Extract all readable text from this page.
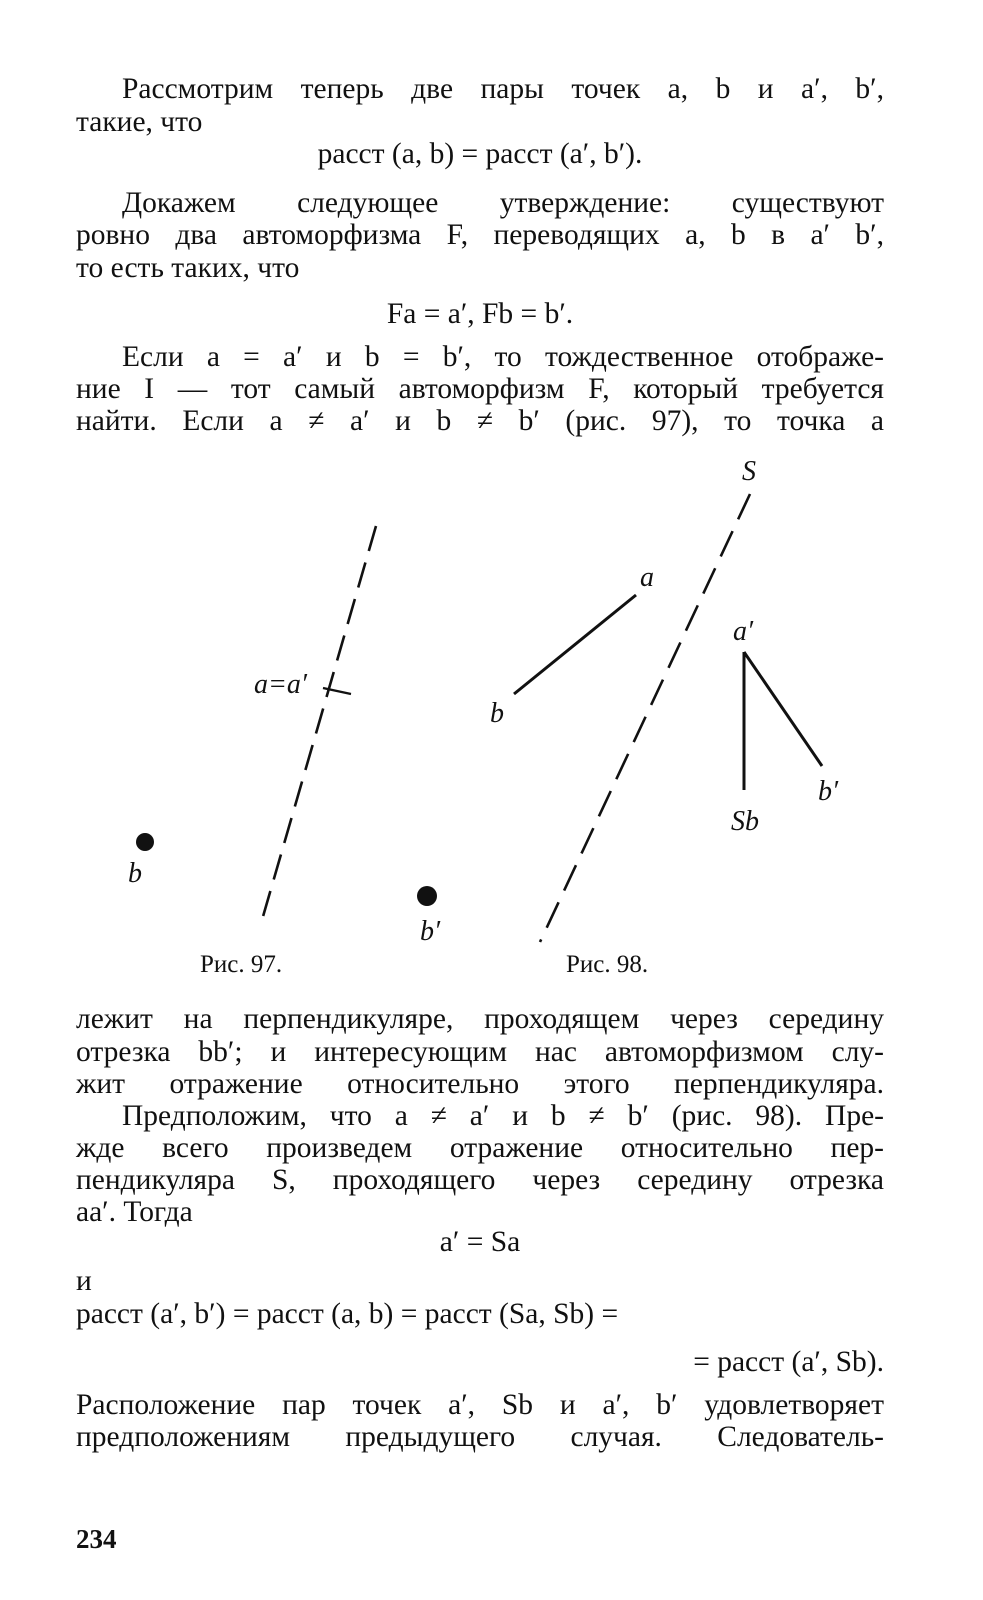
Рассмотрим теперь две пары точек a, b и a′, b′,
такие, что
расст (a, b) = расст (a′, b′).
Докажем следующее утверждение: существуют
ровно два автоморфизма F, переводящих a, b в a′ b′,
то есть таких, что
Fa = a′, Fb = b′.
Если a = a′ и b = b′, то тождественное отображе-
ние I — тот самый автоморфизм F, который требуется
найти. Если a ≠ a′ и b ≠ b′ (рис. 97), то точка a
a=a′
b
b′
S
a
b
a′
b′
Sb
Рис. 97.	Рис. 98.
лежит на перпендикуляре, проходящем через середину
отрезка bb′; и интересующим нас автоморфизмом слу-
жит отражение относительно этого перпендикуляра.
Предположим, что a ≠ a′ и b ≠ b′ (рис. 98). Пре-
жде всего произведем отражение относительно пер-
пендикуляра S, проходящего через середину отрезка
aa′. Тогда
a′ = Sa
и
расст (a′, b′) = расст (a, b) = расст (Sa, Sb) =
= расст (a′, Sb).
Расположение пар точек a′, Sb и a′, b′ удовлетворяет
предположениям предыдущего случая. Следователь-
234
